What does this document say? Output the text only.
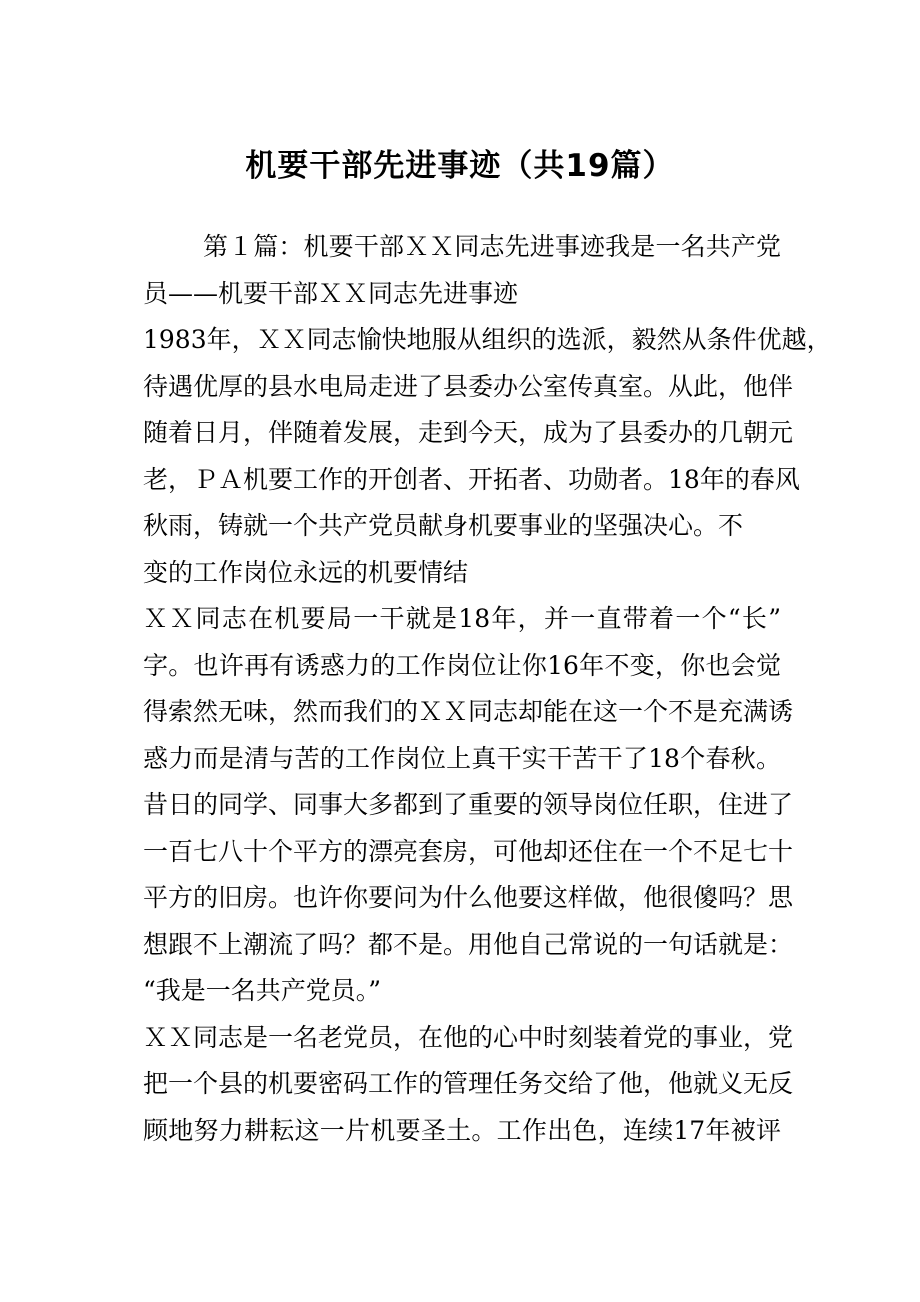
机要干部先进事迹（共19篇）
第１篇：机要干部ＸＸ同志先进事迹我是一名共产党
员——机要干部ＸＸ同志先进事迹
1983年，ＸＸ同志愉快地服从组织的选派，毅然从条件优越，
待遇优厚的县水电局走进了县委办公室传真室。从此，他伴
随着日月，伴随着发展，走到今天，成为了县委办的几朝元
老，ＰＡ机要工作的开创者、开拓者、功勋者。18年的春风
秋雨，铸就一个共产党员献身机要事业的坚强决心。不
变的工作岗位永远的机要情结
ＸＸ同志在机要局一干就是18年，并一直带着一个“长”
字。也许再有诱惑力的工作岗位让你16年不变，你也会觉
得索然无味，然而我们的ＸＸ同志却能在这一个不是充满诱
惑力而是清与苦的工作岗位上真干实干苦干了18个春秋。
昔日的同学、同事大多都到了重要的领导岗位任职，住进了
一百七八十个平方的漂亮套房，可他却还住在一个不足七十
平方的旧房。也许你要问为什么他要这样做，他很傻吗？思
想跟不上潮流了吗？都不是。用他自己常说的一句话就是：
“我是一名共产党员。”
ＸＸ同志是一名老党员，在他的心中时刻装着党的事业，党
把一个县的机要密码工作的管理任务交给了他，他就义无反
顾地努力耕耘这一片机要圣土。工作出色，连续17年被评
